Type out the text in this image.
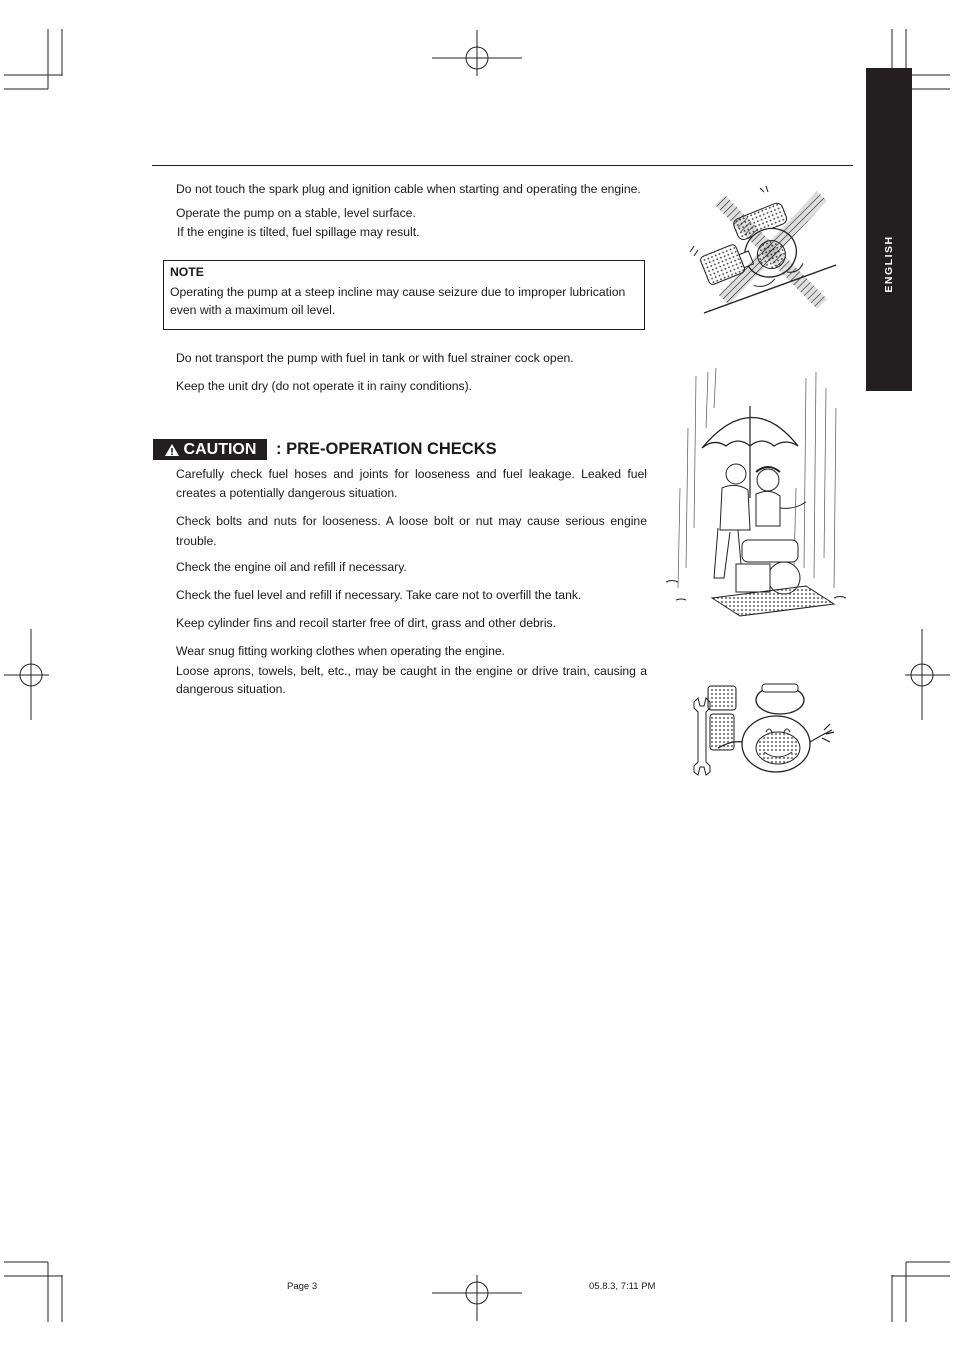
ENGLISH
Do not touch the spark plug and ignition cable when starting and operating the engine.
Operate the pump on a stable, level surface.
If the engine is tilted, fuel spillage may result.
NOTE
Operating the pump at a steep incline may cause seizure due to improper lubrication even with a maximum oil level.
Do not transport the pump with fuel in tank or with fuel strainer cock open.
Keep the unit dry (do not operate it in rainy conditions).
CAUTION : PRE-OPERATION CHECKS
Carefully check fuel hoses and joints for looseness and fuel leakage. Leaked fuel creates a potentially dangerous situation.
Check bolts and nuts for looseness. A loose bolt or nut may cause serious engine trouble.
Check the engine oil and refill if necessary.
Check the fuel level and refill if necessary. Take care not to overfill the tank.
Keep cylinder fins and recoil starter free of dirt, grass and other debris.
Wear snug fitting working clothes when operating the engine.
Loose aprons, towels, belt, etc., may be caught in the engine or drive train, causing a dangerous situation.
Page 3	05.8.3, 7:11 PM
